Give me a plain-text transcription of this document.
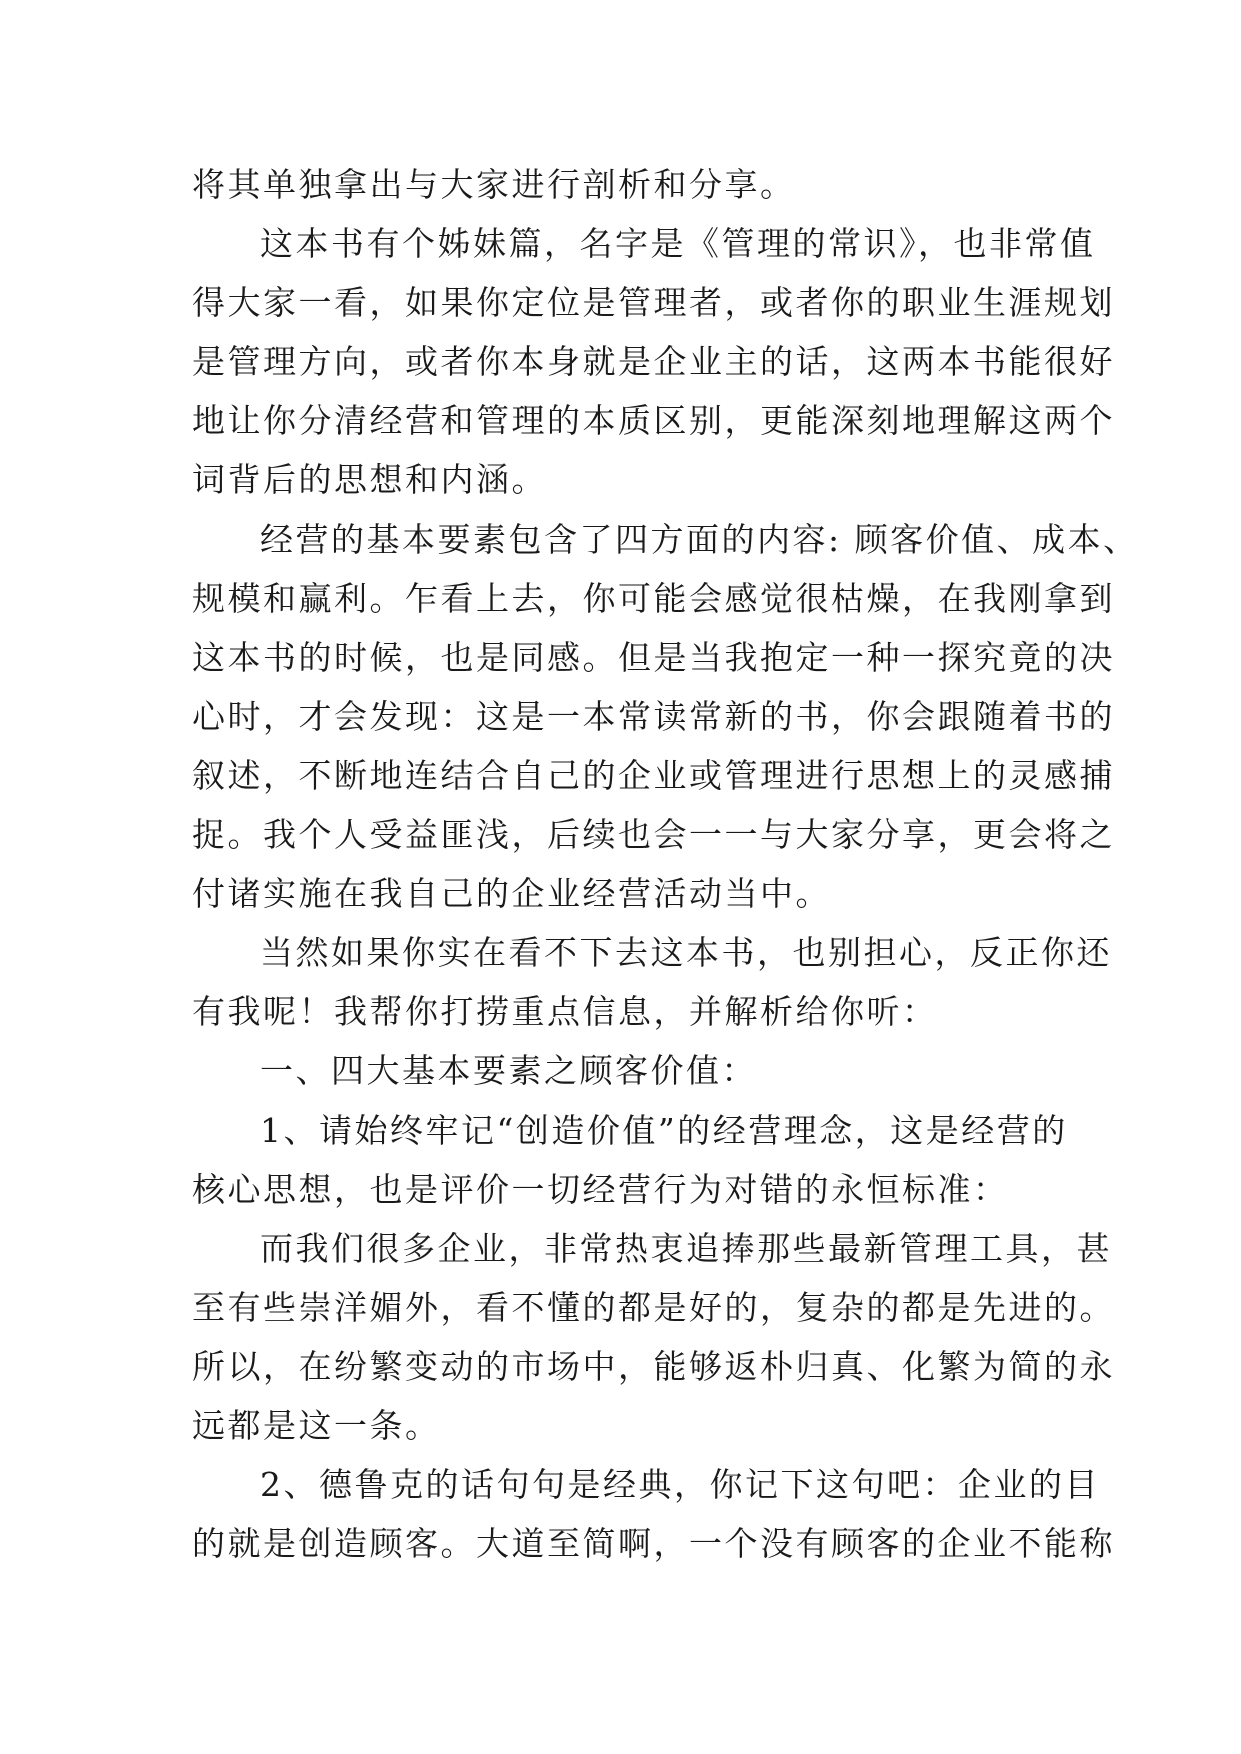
将其单独拿出与大家进行剖析和分享。
这本书有个姊妹篇，名字是《管理的常识》，也非常值
得大家一看，如果你定位是管理者，或者你的职业生涯规划
是管理方向，或者你本身就是企业主的话，这两本书能很好
地让你分清经营和管理的本质区别，更能深刻地理解这两个
词背后的思想和内涵。
经营的基本要素包含了四方面的内容: 顾客价值、成本、
规模和赢利。乍看上去，你可能会感觉很枯燥，在我刚拿到
这本书的时候，也是同感。但是当我抱定一种一探究竟的决
心时，才会发现：这是一本常读常新的书，你会跟随着书的
叙述，不断地连结合自己的企业或管理进行思想上的灵感捕
捉。我个人受益匪浅，后续也会一一与大家分享，更会将之
付诸实施在我自己的企业经营活动当中。
当然如果你实在看不下去这本书，也别担心，反正你还
有我呢！我帮你打捞重点信息，并解析给你听：
一、四大基本要素之顾客价值：
1、请始终牢记“创造价值”的经营理念，这是经营的
核心思想，也是评价一切经营行为对错的永恒标准：
而我们很多企业，非常热衷追捧那些最新管理工具，甚
至有些崇洋媚外，看不懂的都是好的，复杂的都是先进的。
所以，在纷繁变动的市场中，能够返朴归真、化繁为简的永
远都是这一条。
2、德鲁克的话句句是经典，你记下这句吧：企业的目
的就是创造顾客。大道至简啊，一个没有顾客的企业不能称
